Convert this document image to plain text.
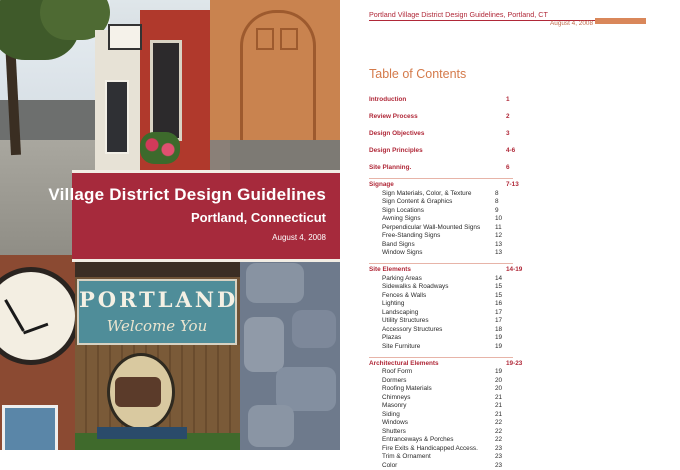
PORTLAND
Welcome You
Village District Design Guidelines
Portland, Connecticut
August 4, 2008
Portland Village District Design Guidelines, Portland, CT
August 4, 2008
Table of Contents
Introduction	1
Review Process	2
Design Objectives	3
Design Principles	4-6
Site Planning.	6
Signage	7-13
Sign Materials, Color, & Texture	8
Sign Content & Graphics	8
Sign Locations	9
Awning Signs	10
Perpendicular Wall-Mounted Signs 11
Free-Standing Signs	12
Band Signs	13
Window Signs	13
Site Elements	14-19
Parking Areas	14
Sidewalks & Roadways	15
Fences & Walls	15
Lighting	16
Landscaping	17
Utility Structures	17
Accessory Structures	18
Plazas	19
Site Furniture	19
Architectural Elements	19-23
Roof Form	19
Dormers	20
Roofing Materials	20
Chimneys	21
Masonry	21
Siding	21
Windows	22
Shutters	22
Entranceways & Porches	22
Fire Exits & Handicapped Access.	23
Trim & Ornament	23
Color	23
